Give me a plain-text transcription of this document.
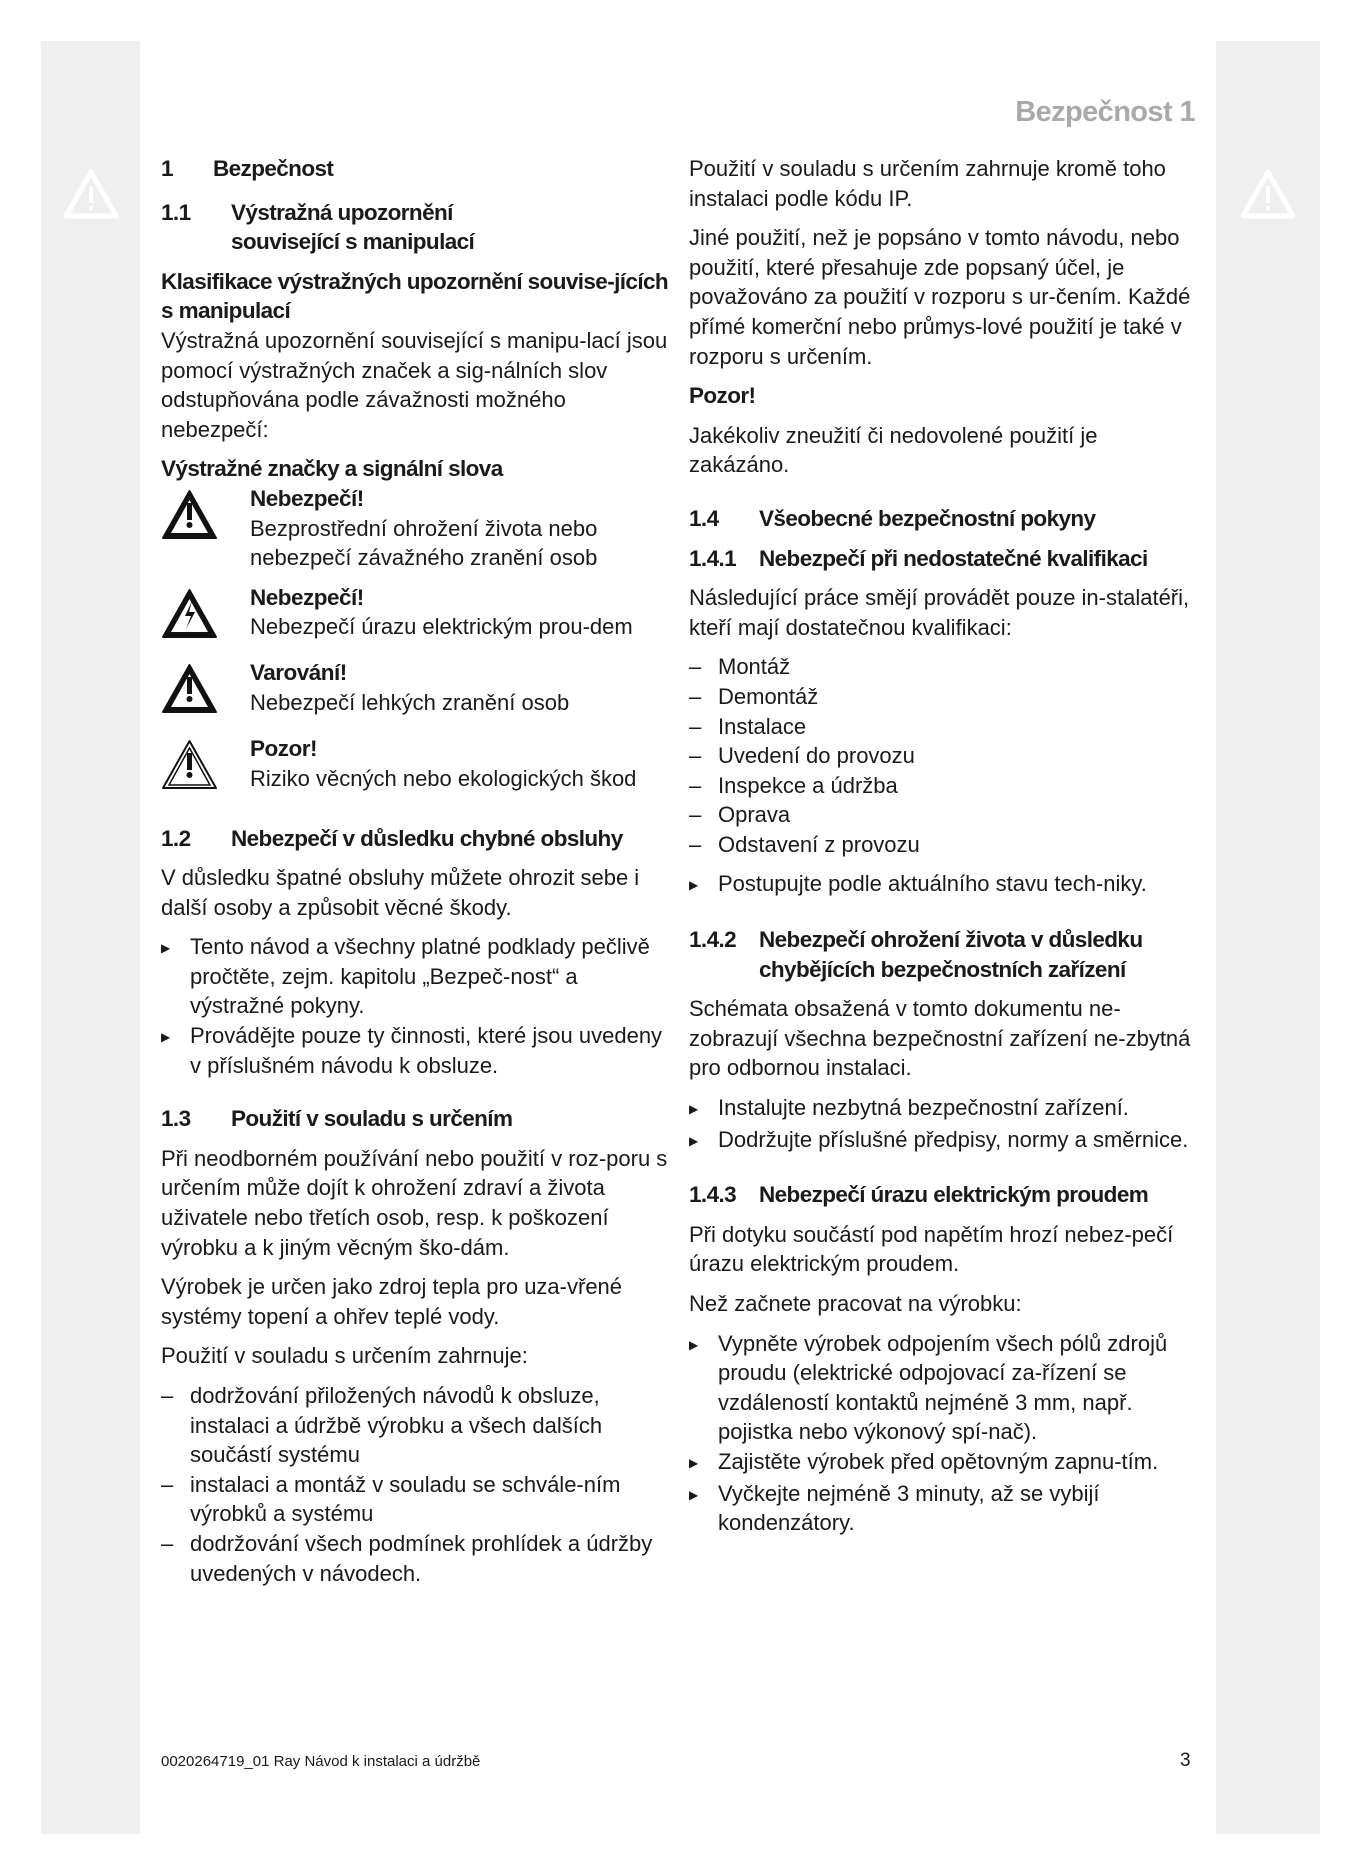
Bezpečnost 1
1	Bezpečnost
1.1	Výstražná upozornění související s manipulací
Klasifikace výstražných upozornění souvise-jících s manipulací

Výstražná upozornění související s manipu-lací jsou pomocí výstražných značek a sig-nálních slov odstupňována podle závažnosti možného nebezpečí:

Výstražné značky a signální slova
Nebezpečí!
Bezprostřední ohrožení života nebo nebezpečí závažného zranění osob
Nebezpečí!
Nebezpečí úrazu elektrickým prou-dem
Varování!
Nebezpečí lehkých zranění osob
Pozor!
Riziko věcných nebo ekologických škod
1.2	Nebezpečí v důsledku chybné obsluhy

V důsledku špatné obsluhy můžete ohrozit sebe i další osoby a způsobit věcné škody.

▶ Tento návod a všechny platné podklady pečlivě pročtěte, zejm. kapitolu „Bezpeč-nost“ a výstražné pokyny.
▶ Provádějte pouze ty činnosti, které jsou uvedeny v příslušném návodu k obsluze.
1.3	Použití v souladu s určením

Při neodborném používání nebo použití v roz-poru s určením může dojít k ohrožení zdraví a života uživatele nebo třetích osob, resp. k poškození výrobku a k jiným věcným ško-dám.

Výrobek je určen jako zdroj tepla pro uza-vřené systémy topení a ohřev teplé vody.

Použití v souladu s určením zahrnuje:

– dodržování přiložených návodů k obsluze, instalaci a údržbě výrobku a všech dalších součástí systému
– instalaci a montáž v souladu se schvále-ním výrobků a systému
– dodržování všech podmínek prohlídek a údržby uvedených v návodech.

Použití v souladu s určením zahrnuje kromě toho instalaci podle kódu IP.

Jiné použití, než je popsáno v tomto návodu, nebo použití, které přesahuje zde popsaný účel, je považováno za použití v rozporu s ur-čením. Každé přímé komerční nebo průmys-lové použití je také v rozporu s určením.

Pozor!

Jakékoliv zneužití či nedovolené použití je zakázáno.

1.4	Všeobecné bezpečnostní pokyny
1.4.1	Nebezpečí při nedostatečné kvalifikaci

Následující práce smějí provádět pouze in-stalatéři, kteří mají dostatečnou kvalifikaci:

– Montáž
– Demontáž
– Instalace
– Uvedení do provozu
– Inspekce a údržba
– Oprava
– Odstavení z provozu
▶ Postupujte podle aktuálního stavu tech-niky.
1.4.2	Nebezpečí ohrožení života v důsledku chybějících bezpečnostních zařízení

Schémata obsažená v tomto dokumentu ne-zobrazují všechna bezpečnostní zařízení ne-zbytná pro odbornou instalaci.

▶ Instalujte nezbytná bezpečnostní zařízení.
▶ Dodržujte příslušné předpisy, normy a směrnice.
1.4.3	Nebezpečí úrazu elektrickým proudem

Při dotyku součástí pod napětím hrozí nebez-pečí úrazu elektrickým proudem.

Než začnete pracovat na výrobku:

▶ Vypněte výrobek odpojením všech pólů zdrojů proudu (elektrické odpojovací za-řízení se vzdáleností kontaktů nejméně 3 mm, např. pojistka nebo výkonový spí-nač).
▶ Zajistěte výrobek před opětovným zapnu-tím.
▶ Vyčkejte nejméně 3 minuty, až se vybijí kondenzátory.
0020264719_01 Ray Návod k instalaci a údržbě	3
